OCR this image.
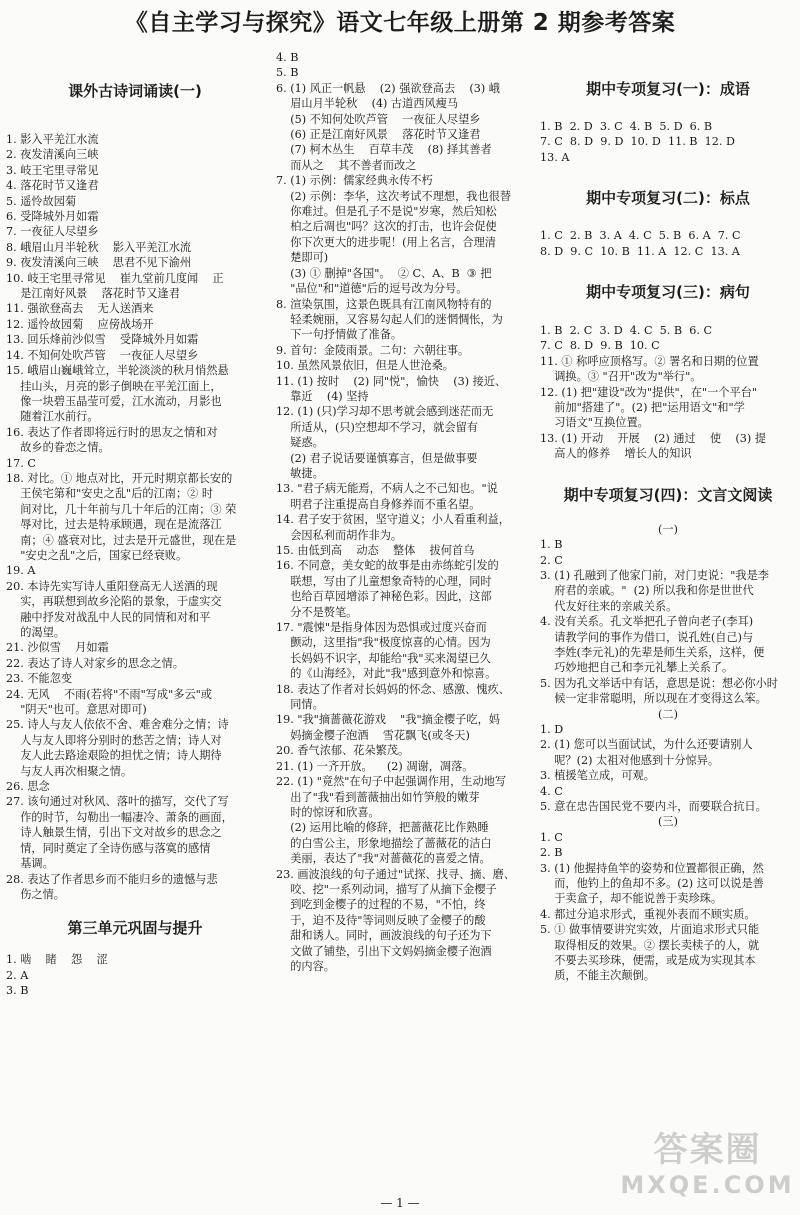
《自主学习与探究》语文七年级上册第 2 期参考答案
课外古诗词诵读(一)
1. 影入平羌江水流
2. 夜发清溪向三峡
3. 岐王宅里寻常见
4. 落花时节又逢君
5. 遥怜故园菊
6. 受降城外月如霜
7. 一夜征人尽望乡
8. 峨眉山月半轮秋    影入平羌江水流
9. 夜发清溪向三峡    思君不见下渝州
10. 岐王宅里寻常见    崔九堂前几度闻    正
是江南好风景    落花时节又逢君
11. 强欲登高去    无人送酒来
12. 遥怜故园菊    应傍战场开
13. 回乐烽前沙似雪    受降城外月如霜
14. 不知何处吹芦管    一夜征人尽望乡
15. 峨眉山巍峨耸立，半轮淡淡的秋月悄然悬
挂山头，月亮的影子倒映在平羌江面上，
像一块碧玉晶莹可爱，江水流动，月影也
随着江水前行。
16. 表达了作者即将远行时的思友之情和对
故乡的眷恋之情。
17. C
18. 对比。① 地点对比，开元时期京都长安的
王侯宅第和"安史之乱"后的江南；② 时
间对比，几十年前与几十年后的江南；③ 荣
辱对比，过去是特承顾遇，现在是流落江
南；④ 盛衰对比，过去是开元盛世，现在是
"安史之乱"之后，国家已经衰败。
19. A
20. 本诗先实写诗人重阳登高无人送酒的现
实，再联想到故乡沦陷的景象，于虚实交
融中抒发对战乱中人民的同情和对和平
的渴望。
21. 沙似雪    月如霜
22. 表达了诗人对家乡的思念之情。
23. 不能忽变
24. 无风    不雨(若将"不雨"写成"多云"或
"阴天"也可。意思对即可)
25. 诗人与友人依依不舍、难舍难分之情；诗
人与友人即将分别时的愁苦之情；诗人对
友人此去路途艰险的担忧之情；诗人期待
与友人再次相聚之情。
26. 思念
27. 该句通过对秋风、落叶的描写，交代了写
作的时节，勾勒出一幅凄冷、萧条的画面，
诗人触景生情，引出下文对故乡的思念之
情，同时奠定了全诗伤感与落寞的感情
基调。
28. 表达了作者思乡而不能归乡的遗憾与悲
伤之情。
第三单元巩固与提升
1. 啮    睹    怨    涩
2. A
3. B
4. B
5. B
6. (1) 风正一帆悬    (2) 强欲登高去    (3) 峨
眉山月半轮秋    (4) 古道西风瘦马
(5) 不知何处吹芦管    一夜征人尽望乡
(6) 正是江南好风景    落花时节又逢君
(7) 柯木丛生    百草丰茂    (8) 择其善者
而从之    其不善者而改之
7. (1) 示例：儒家经典永传不朽
(2) 示例：李华，这次考试不理想，我也很替
你难过。但是孔子不是说"岁寒，然后知松
柏之后凋也"吗？这次的打击，也许会促使
你下次更大的进步呢！(用上名言，合理清
楚即可)
(3) ① 删掉"各国"。  ② C、A、B  ③ 把
"品位"和"道德"后的逗号改为分号。
8. 渲染氛围，这景色既具有江南风物特有的
轻柔婉丽，又容易勾起人们的迷惘惆怅，为
下一句抒情做了准备。
9. 首句：金陵雨景。二句：六朝往事。
10. 虽然风景依旧，但是人世沧桑。
11. (1) 按时    (2) 同"悦"，愉快    (3) 接近、
靠近    (4) 坚持
12. (1) (只)学习却不思考就会感到迷茫而无
所适从，(只)空想却不学习，就会留有
疑惑。
(2) 君子说话要谨慎寡言，但是做事要
敏捷。
13. "君子病无能焉，不病人之不己知也。"说
明君子注重提高自身修养而不重名望。
14. 君子安于贫困，坚守道义；小人看重利益，
会因私利而胡作非为。
15. 由低到高    动态    整体    拔何首乌
16. 不同意，美女蛇的故事是由赤练蛇引发的
联想，写由了儿童想象奇特的心理，同时
也给百草园增添了神秘色彩。因此，这部
分不是赘笔。
17. "震悚"是指身体因为恐惧或过度兴奋而
颤动，这里指"我"极度惊喜的心情。因为
长妈妈不识字，却能给"我"买来渴望已久
的《山海经》，对此"我"感到意外和惊喜。
18. 表达了作者对长妈妈的怀念、感激、愧疚、
同情。
19. "我"摘蔷薇花游戏    "我"摘金樱子吃，妈
妈摘金樱子泡酒    雪花飘飞(或冬天)
20. 香气浓郁、花朵繁茂。
21. (1) 一齐开放。    (2) 凋谢，凋落。
22. (1) "竟然"在句子中起强调作用，生动地写
出了"我"看到蔷薇抽出如竹笋般的嫩芽
时的惊讶和欣喜。
(2) 运用比喻的修辞，把蔷薇花比作熟睡
的白雪公主，形象地描绘了蔷薇花的洁白
美丽，表达了"我"对蔷薇花的喜爱之情。
23. 画波浪线的句子通过"试探、找寻、摘、磨、
咬、挖"一系列动词，描写了从摘下金樱子
到吃到金樱子的过程的不易，"不怕，终
于，迫不及待"等词则反映了金樱子的酸
甜和诱人。同时，画波浪线的句子还为下
文做了铺垫，引出下文妈妈摘金樱子泡酒
的内容。
期中专项复习(一)：成语
1. B  2. D  3. C  4. B  5. D  6. B
7. C  8. D  9. D  10. D  11. B  12. D
13. A
期中专项复习(二)：标点
1. C  2. B  3. A  4. C  5. B  6. A  7. C
8. D  9. C  10. B  11. A  12. C  13. A
期中专项复习(三)：病句
1. B  2. C  3. D  4. C  5. B  6. C
7. C  8. D  9. B  10. C
11. ① 称呼应顶格写。② 署名和日期的位置
调换。③ "召开"改为"举行"。
12. (1) 把"建设"改为"提供"，在"一个平台"
前加"搭建了"。(2) 把"运用语文"和"学
习语文"互换位置。
13. (1) 开动    开展    (2) 通过    使    (3) 提
高人的修养    增长人的知识
期中专项复习(四)：文言文阅读
(一)
1. B
2. C
3. (1) 孔融到了他家门前，对门吏说："我是李
府君的亲戚。"  (2) 所以我和你是世世代
代友好往来的亲戚关系。
4. 没有关系。孔文举把孔子曾向老子(李耳)
请教学问的事作为借口，说孔姓(自己)与
李姓(李元礼)的先辈是师生关系，这样，便
巧妙地把自己和李元礼攀上关系了。
5. 因为孔文举话中有话，意思是说：想必你小时
候一定非常聪明，所以现在才变得这么笨。
(二)
1. D
2. (1) 您可以当面试试，为什么还要请别人
呢？(2) 太祖对他感到十分惊异。
3. 植援笔立成，可观。
4. C
5. 意在忠告国民党不要内斗，而要联合抗日。
(三)
1. C
2. B
3. (1) 他握持鱼竿的姿势和位置都很正确，然
而，他钓上的鱼却不多。(2) 这可以说是善
于卖盒子，却不能说善于卖珍珠。
4. 都过分追求形式，重视外表而不顾实质。
5. ① 做事情要讲究实效，片面追求形式只能
取得相反的效果。② 摆长卖椟子的人，就
不要去买珍珠，便需，或是成为实现其本
质，不能主次颠倒。
— 1 —
答案圈
MXQE.COM
